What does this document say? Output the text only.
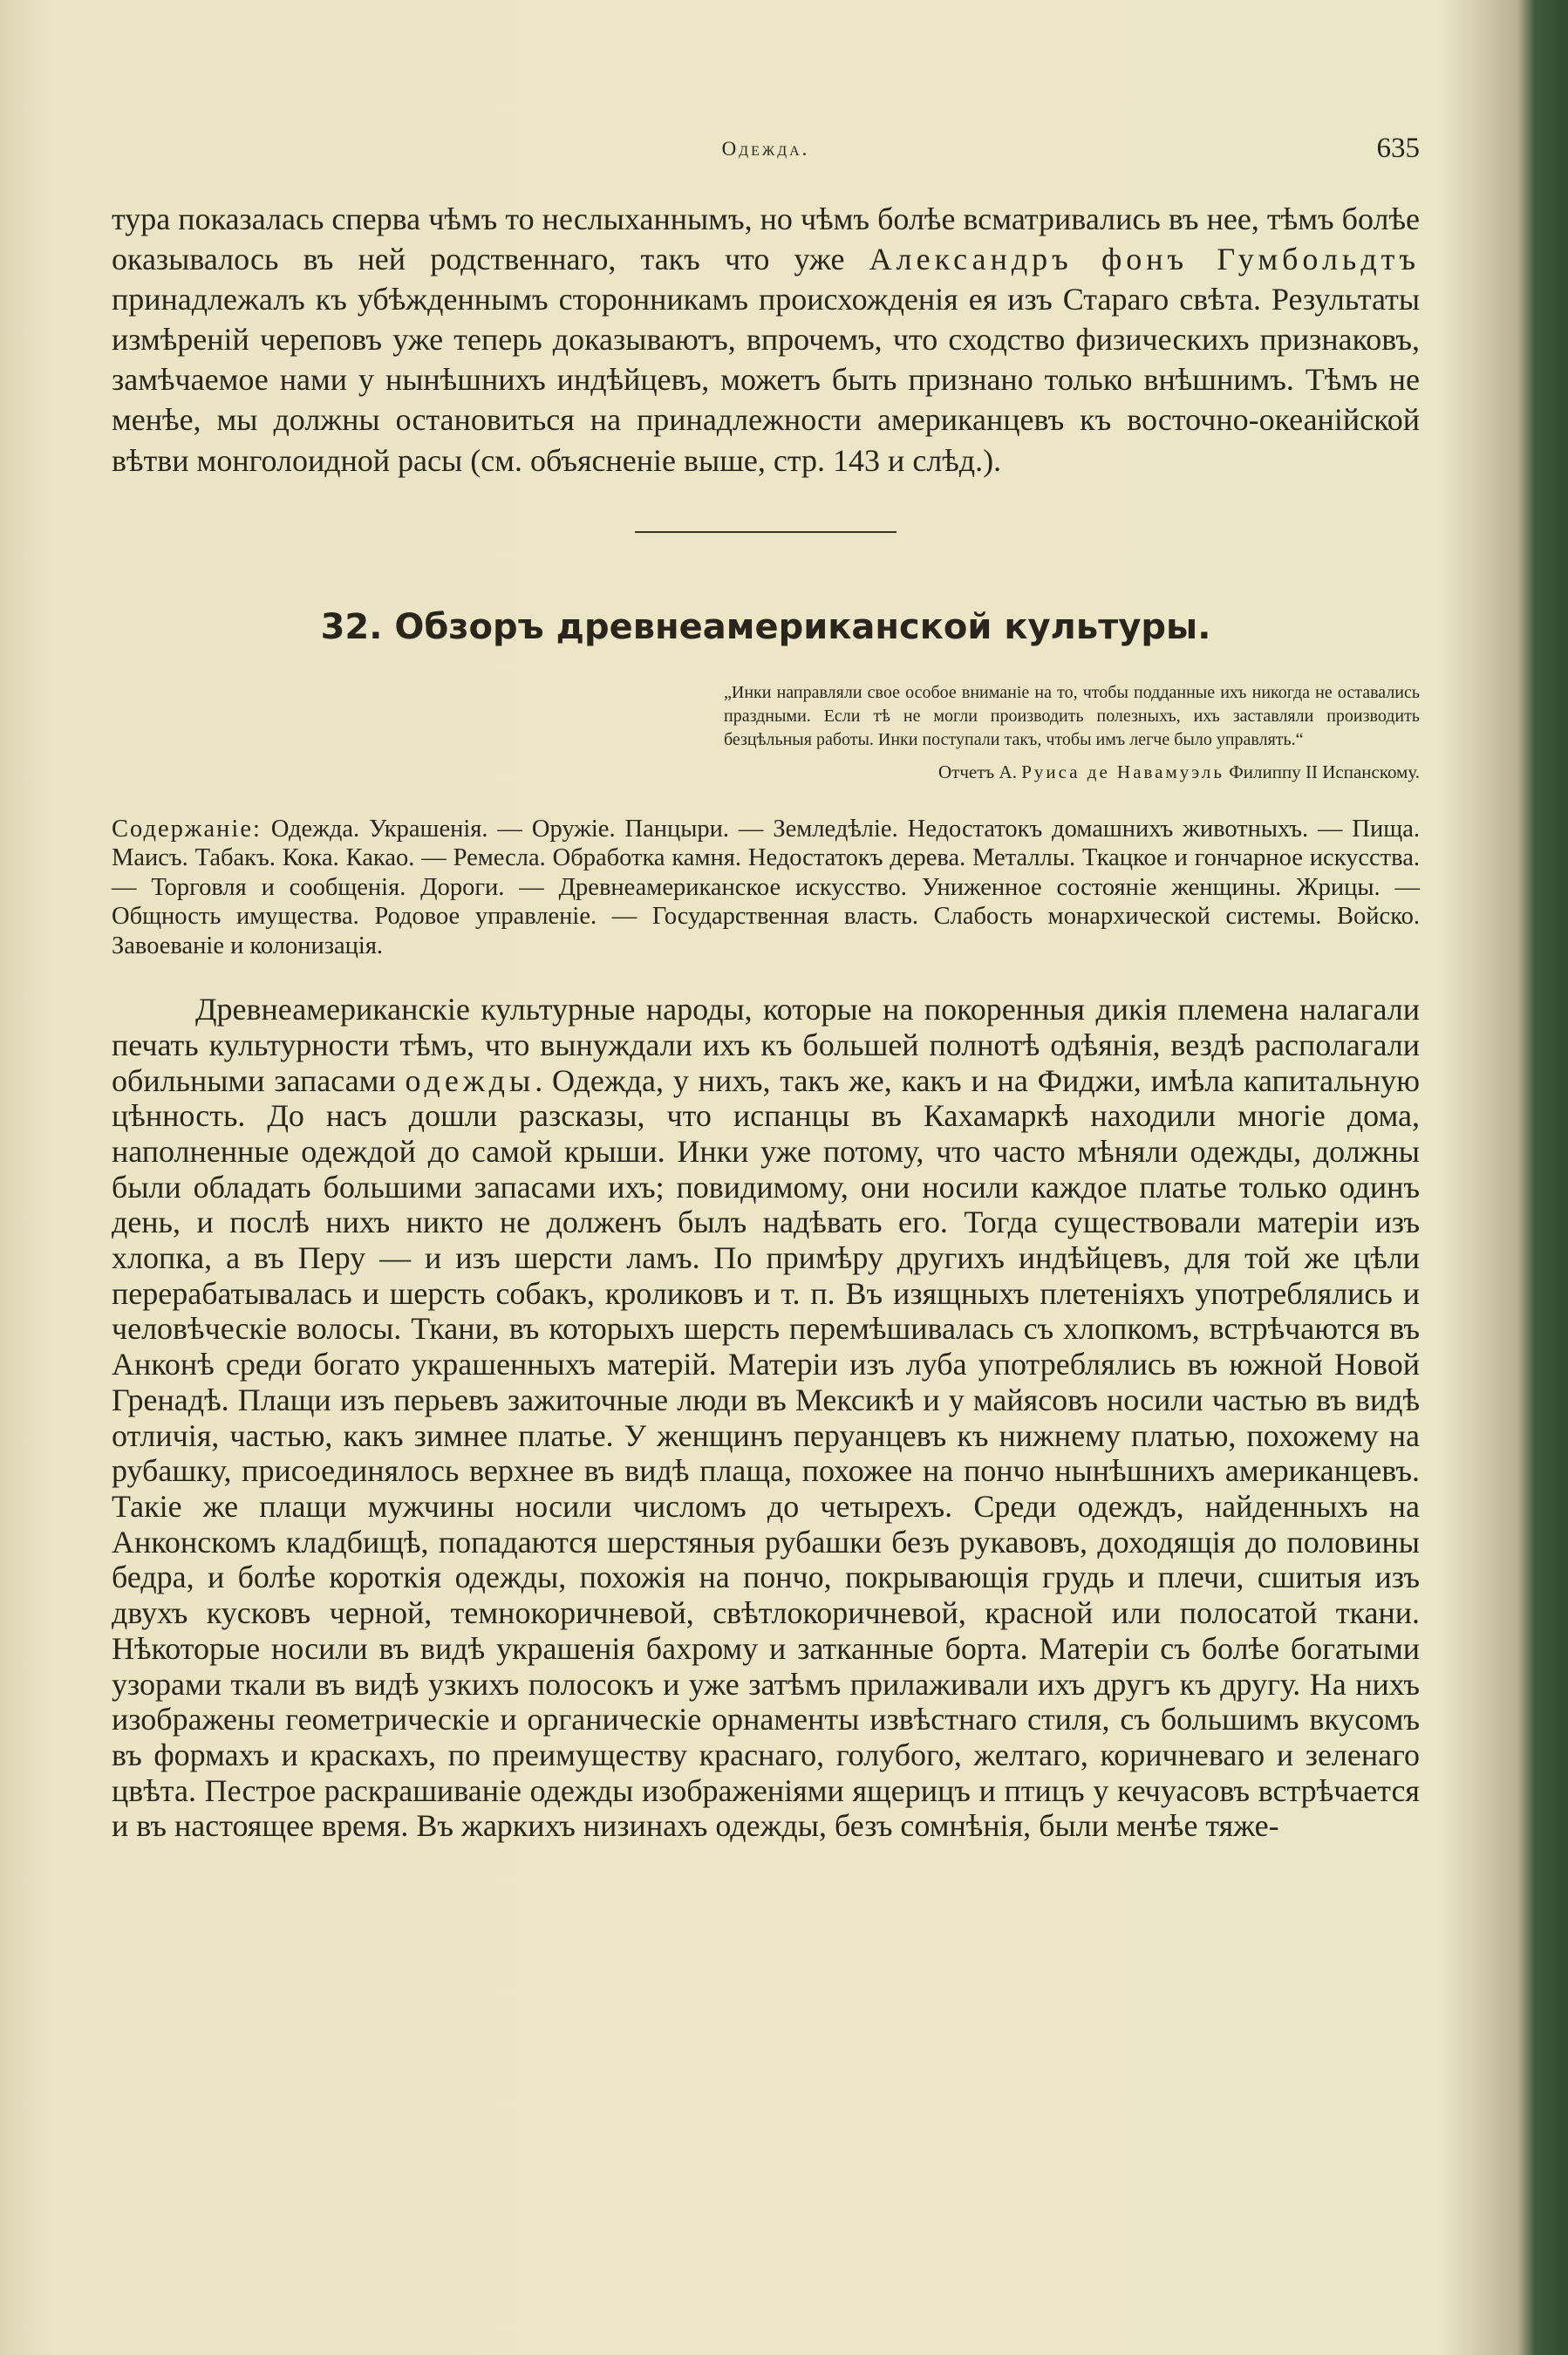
Одежда.	635

тура показалась сперва чѣмъ то неслыханнымъ, но чѣмъ болѣе всматривались въ нее, тѣмъ болѣе оказывалось въ ней родственнаго, такъ что уже Александръ фонъ Гумбольдтъ принадлежалъ къ убѣжденнымъ сторонникамъ происхожденія ея изъ Стараго свѣта. Результаты измѣреній череповъ уже теперь доказываютъ, впрочемъ, что сходство физическихъ признаковъ, замѣчаемое нами у нынѣшнихъ индѣйцевъ, можетъ быть признано только внѣшнимъ. Тѣмъ не менѣе, мы должны остановиться на принадлежности американцевъ къ восточно-океанійской вѣтви монголоидной расы (см. объясненіе выше, стр. 143 и слѣд.).

32. Обзоръ древнеамериканской культуры.
„Инки направляли свое особое вниманіе на то, чтобы подданные ихъ никогда не оставались праздными. Если тѣ не могли производить полезныхъ, ихъ заставляли производить безцѣльныя работы. Инки поступали такъ, чтобы имъ легче было управлять.“
Отчетъ А. Руиса де Навамуэль Филиппу II Испанскому.
Содержаніе: Одежда. Украшенія. — Оружіе. Панцыри. — Земледѣліе. Недостатокъ домашнихъ животныхъ. — Пища. Маисъ. Табакъ. Кока. Какао. — Ремесла. Обработка камня. Недостатокъ дерева. Металлы. Ткацкое и гончарное искусства. — Торговля и сообщенія. Дороги. — Древнеамериканское искусство. Униженное состояніе женщины. Жрицы. — Общность имущества. Родовое управленіе. — Государственная власть. Слабость монархической системы. Войско. Завоеваніе и колонизація.

Древнеамериканскіе культурные народы, которые на покоренныя дикія племена налагали печать культурности тѣмъ, что вынуждали ихъ къ большей полнотѣ одѣянія, вездѣ располагали обильными запасами одежды. Одежда, у нихъ, такъ же, какъ и на Фиджи, имѣла капитальную цѣнность. До насъ дошли разсказы, что испанцы въ Кахамаркѣ находили многіе дома, наполненные одеждой до самой крыши. Инки уже потому, что часто мѣняли одежды, должны были обладать большими запасами ихъ; повидимому, они носили каждое платье только одинъ день, и послѣ нихъ никто не долженъ былъ надѣвать его. Тогда существовали матеріи изъ хлопка, а въ Перу — и изъ шерсти ламъ. По примѣру другихъ индѣйцевъ, для той же цѣли перерабатывалась и шерсть собакъ, кроликовъ и т. п. Въ изящныхъ плетеніяхъ употреблялись и человѣческіе волосы. Ткани, въ которыхъ шерсть перемѣшивалась съ хлопкомъ, встрѣчаются въ Анконѣ среди богато украшенныхъ матерій. Матеріи изъ луба употреблялись въ южной Новой Гренадѣ. Плащи изъ перьевъ зажиточные люди въ Мексикѣ и у майясовъ носили частью въ видѣ отличія, частью, какъ зимнее платье. У женщинъ перуанцевъ къ нижнему платью, похожему на рубашку, присоединялось верхнее въ видѣ плаща, похожее на пончо нынѣшнихъ американцевъ. Такіе же плащи мужчины носили числомъ до четырехъ. Среди одеждъ, найденныхъ на Анконскомъ кладбищѣ, попадаются шерстяныя рубашки безъ рукавовъ, доходящія до половины бедра, и болѣе короткія одежды, похожія на пончо, покрывающія грудь и плечи, сшитыя изъ двухъ кусковъ черной, темнокоричневой, свѣтлокоричневой, красной или полосатой ткани. Нѣкоторые носили въ видѣ украшенія бахрому и затканные борта. Матеріи съ болѣе богатыми узорами ткали въ видѣ узкихъ полосокъ и уже затѣмъ прилаживали ихъ другъ къ другу. На нихъ изображены геометрическіе и органическіе орнаменты извѣстнаго стиля, съ большимъ вкусомъ въ формахъ и краскахъ, по преимуществу краснаго, голубого, желтаго, коричневаго и зеленаго цвѣта. Пестрое раскрашиваніе одежды изображеніями ящерицъ и птицъ у кечуасовъ встрѣчается и въ настоящее время. Въ жаркихъ низинахъ одежды, безъ сомнѣнія, были менѣе тяже-
